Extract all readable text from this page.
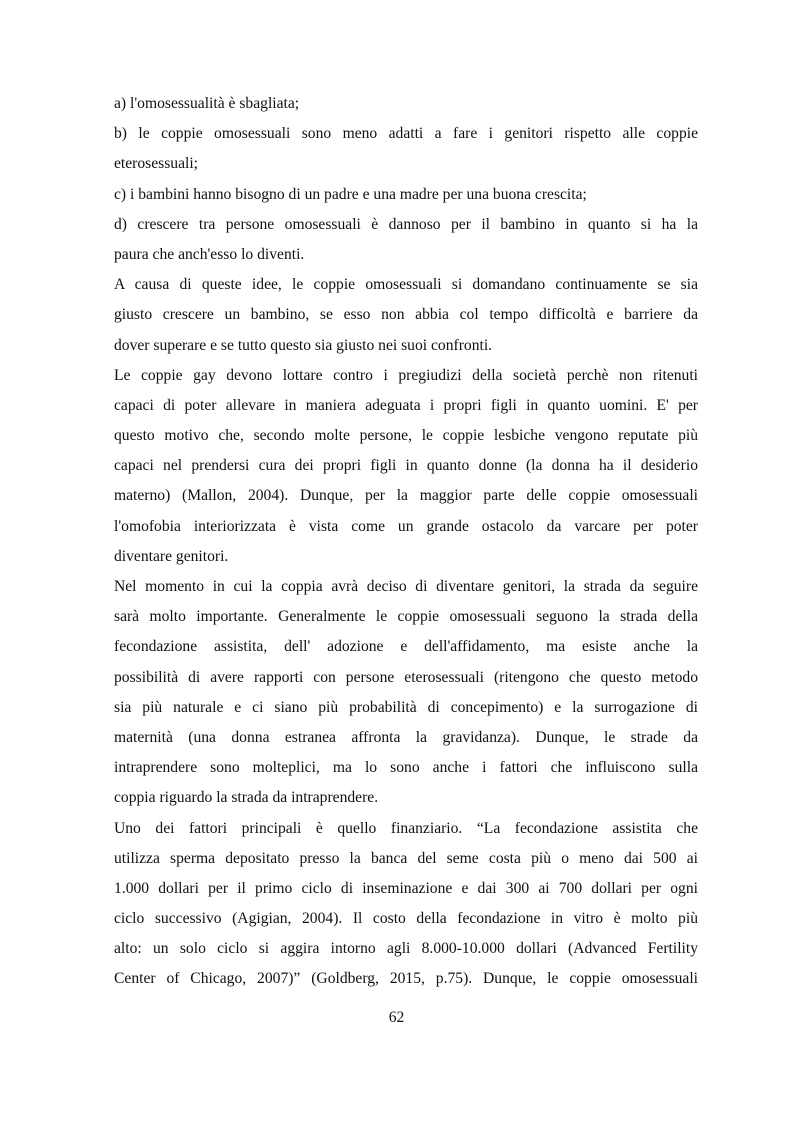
a) l'omosessualità è sbagliata;
b) le coppie omosessuali sono meno adatti a fare i genitori rispetto alle coppie
eterosessuali;
c) i bambini hanno bisogno di un padre e una madre per una buona crescita;
d) crescere tra persone omosessuali è dannoso per il bambino in quanto si ha la
paura che anch'esso lo diventi.
A causa di queste idee, le coppie omosessuali si domandano continuamente se sia
giusto crescere un bambino, se esso non abbia col tempo difficoltà e barriere da
dover superare e se tutto questo sia giusto nei suoi confronti.
Le coppie gay devono lottare contro i pregiudizi della società perchè non ritenuti
capaci di poter allevare in maniera adeguata i propri figli in quanto uomini. E' per
questo motivo che, secondo molte persone, le coppie lesbiche vengono reputate più
capaci nel prendersi cura dei propri figli in quanto donne (la donna ha il desiderio
materno) (Mallon, 2004). Dunque, per la maggior parte delle coppie omosessuali
l'omofobia interiorizzata è vista come un grande ostacolo da varcare per poter
diventare genitori.
Nel momento in cui la coppia avrà deciso di diventare genitori, la strada da seguire
sarà molto importante. Generalmente le coppie omosessuali seguono la strada della
fecondazione assistita, dell' adozione e dell'affidamento, ma esiste anche la
possibilità di avere rapporti con persone eterosessuali (ritengono che questo metodo
sia più naturale e ci siano più probabilità di concepimento) e la surrogazione di
maternità (una donna estranea affronta la gravidanza). Dunque, le strade da
intraprendere sono molteplici, ma lo sono anche i fattori che influiscono sulla
coppia riguardo la strada da intraprendere.
Uno dei fattori principali è quello finanziario. “La fecondazione assistita che
utilizza sperma depositato presso la banca del seme costa più o meno dai 500 ai
1.000 dollari per il primo ciclo di inseminazione e dai 300 ai 700 dollari per ogni
ciclo successivo (Agigian, 2004). Il costo della fecondazione in vitro è molto più
alto: un solo ciclo si aggira intorno agli 8.000-10.000 dollari (Advanced Fertility
Center of Chicago, 2007)” (Goldberg, 2015, p.75). Dunque, le coppie omosessuali
62
